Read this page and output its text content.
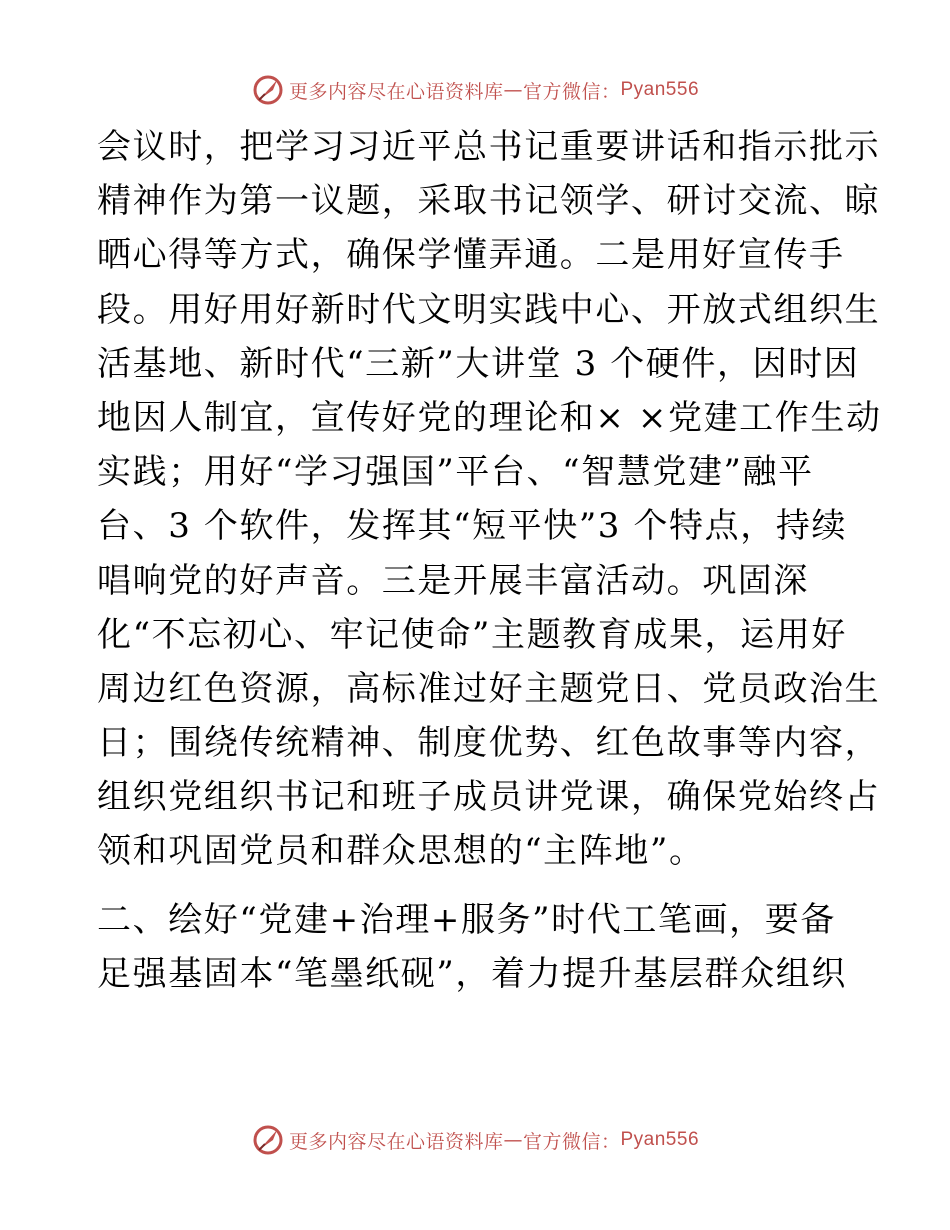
更多内容尽在心语资料库 — 官方微信： Pyan556
会议时，把学习习近平总书记重要讲话和指示批示
精神作为第一议题，采取书记领学、研讨交流、晾
晒心得等方式，确保学懂弄通。二是用好宣传手
段。用好用好新时代文明实践中心、开放式组织生
活基地、新时代“三新”大讲堂 3 个硬件，因时因
地因人制宜，宣传好党的理论和× ×党建工作生动
实践；用好“学习强国”平台、“智慧党建”融平
台、3 个软件，发挥其“短平快”3 个特点，持续
唱响党的好声音。三是开展丰富活动。巩固深
化“不忘初心、牢记使命”主题教育成果，运用好
周边红色资源，高标准过好主题党日、党员政治生
日；围绕传统精神、制度优势、红色故事等内容，
组织党组织书记和班子成员讲党课，确保党始终占
领和巩固党员和群众思想的“主阵地”。
二、绘好“党建+治理+服务”时代工笔画，要备
足强基固本“笔墨纸砚”，着力提升基层群众组织
更多内容尽在心语资料库 — 官方微信： Pyan556
